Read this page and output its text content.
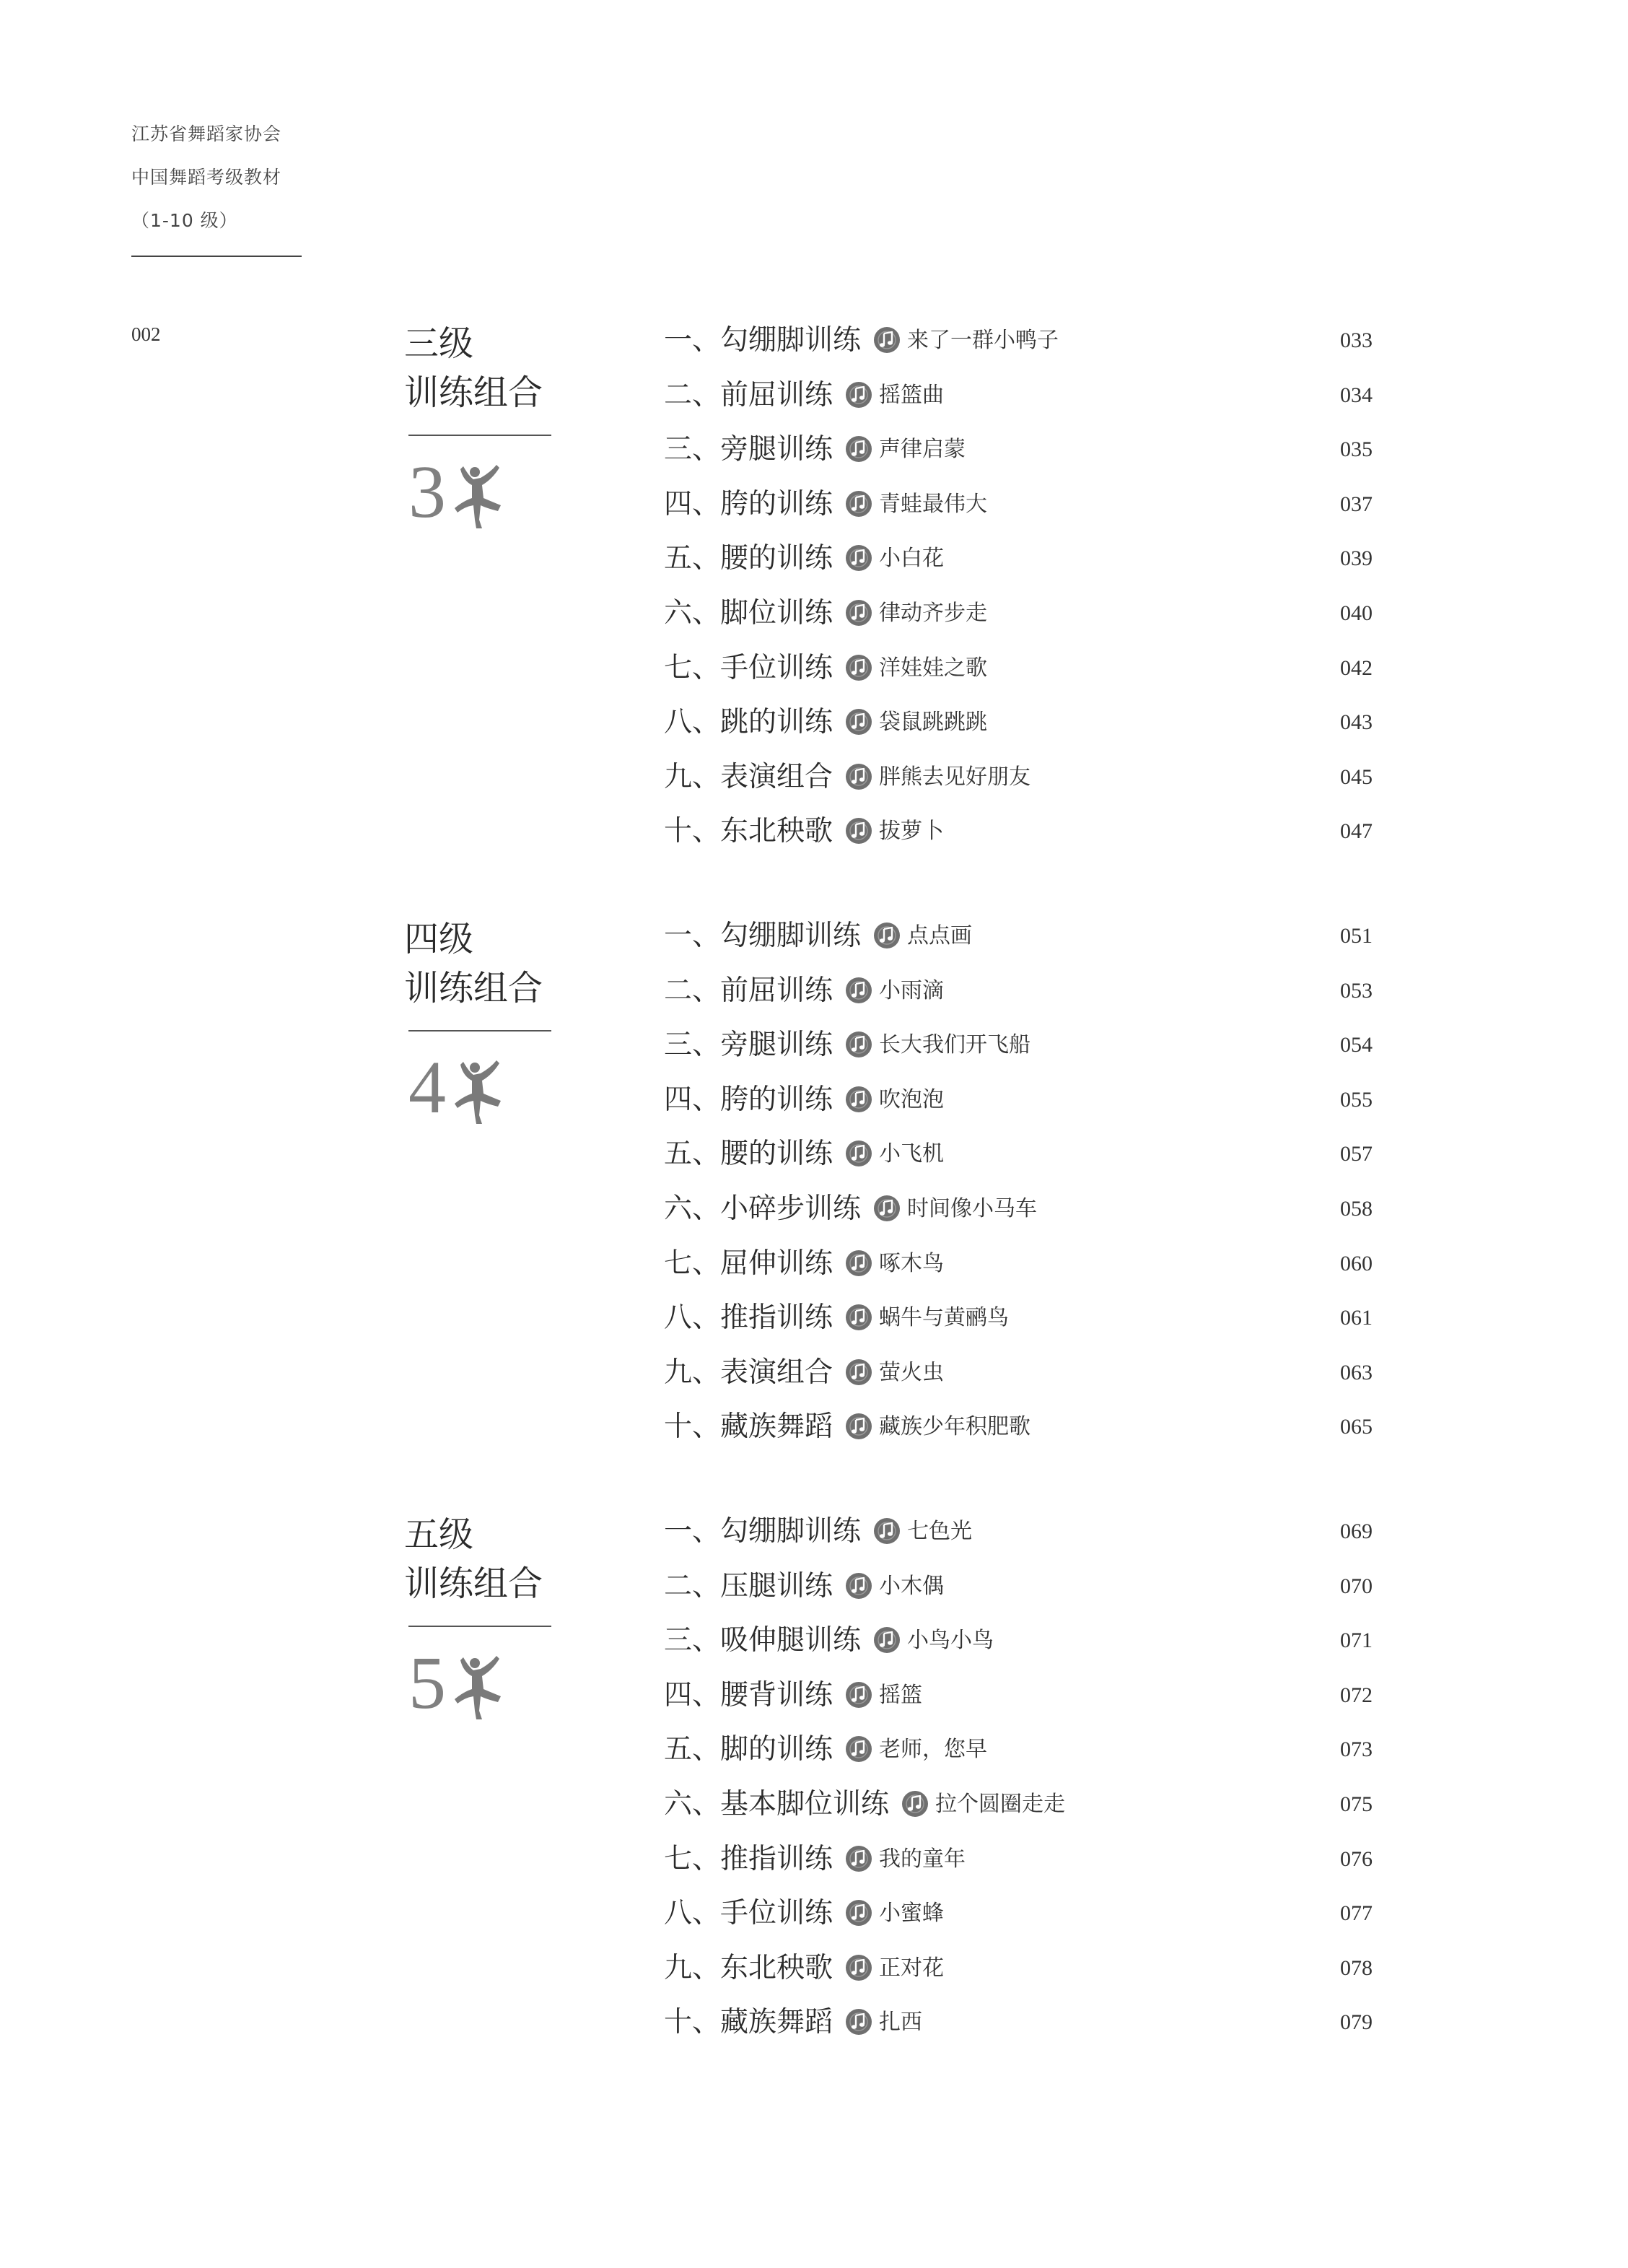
江苏省舞蹈家协会
中国舞蹈考级教材
（1-10 级）
002	三级
训练组合
3
一、勾绷脚训练 来了一群小鸭子	033
二、前屈训练 摇篮曲	034
三、旁腿训练 声律启蒙	035
四、胯的训练 青蛙最伟大	037
五、腰的训练 小白花	039
六、脚位训练 律动齐步走	040
七、手位训练 洋娃娃之歌	042
八、跳的训练 袋鼠跳跳跳	043
九、表演组合 胖熊去见好朋友	045
十、东北秧歌 拔萝卜	047
四级
训练组合
4
一、勾绷脚训练 点点画	051
二、前屈训练 小雨滴	053
三、旁腿训练 长大我们开飞船	054
四、胯的训练 吹泡泡	055
五、腰的训练 小飞机	057
六、小碎步训练 时间像小马车	058
七、屈伸训练 啄木鸟	060
八、推指训练 蜗牛与黄鹂鸟	061
九、表演组合 萤火虫	063
十、藏族舞蹈 藏族少年积肥歌	065
五级
训练组合
5
一、勾绷脚训练 七色光	069
二、压腿训练 小木偶	070
三、吸伸腿训练 小鸟小鸟	071
四、腰背训练 摇篮	072
五、脚的训练 老师，您早	073
六、基本脚位训练 拉个圆圈走走	075
七、推指训练 我的童年	076
八、手位训练 小蜜蜂	077
九、东北秧歌 正对花	078
十、藏族舞蹈 扎西	079
